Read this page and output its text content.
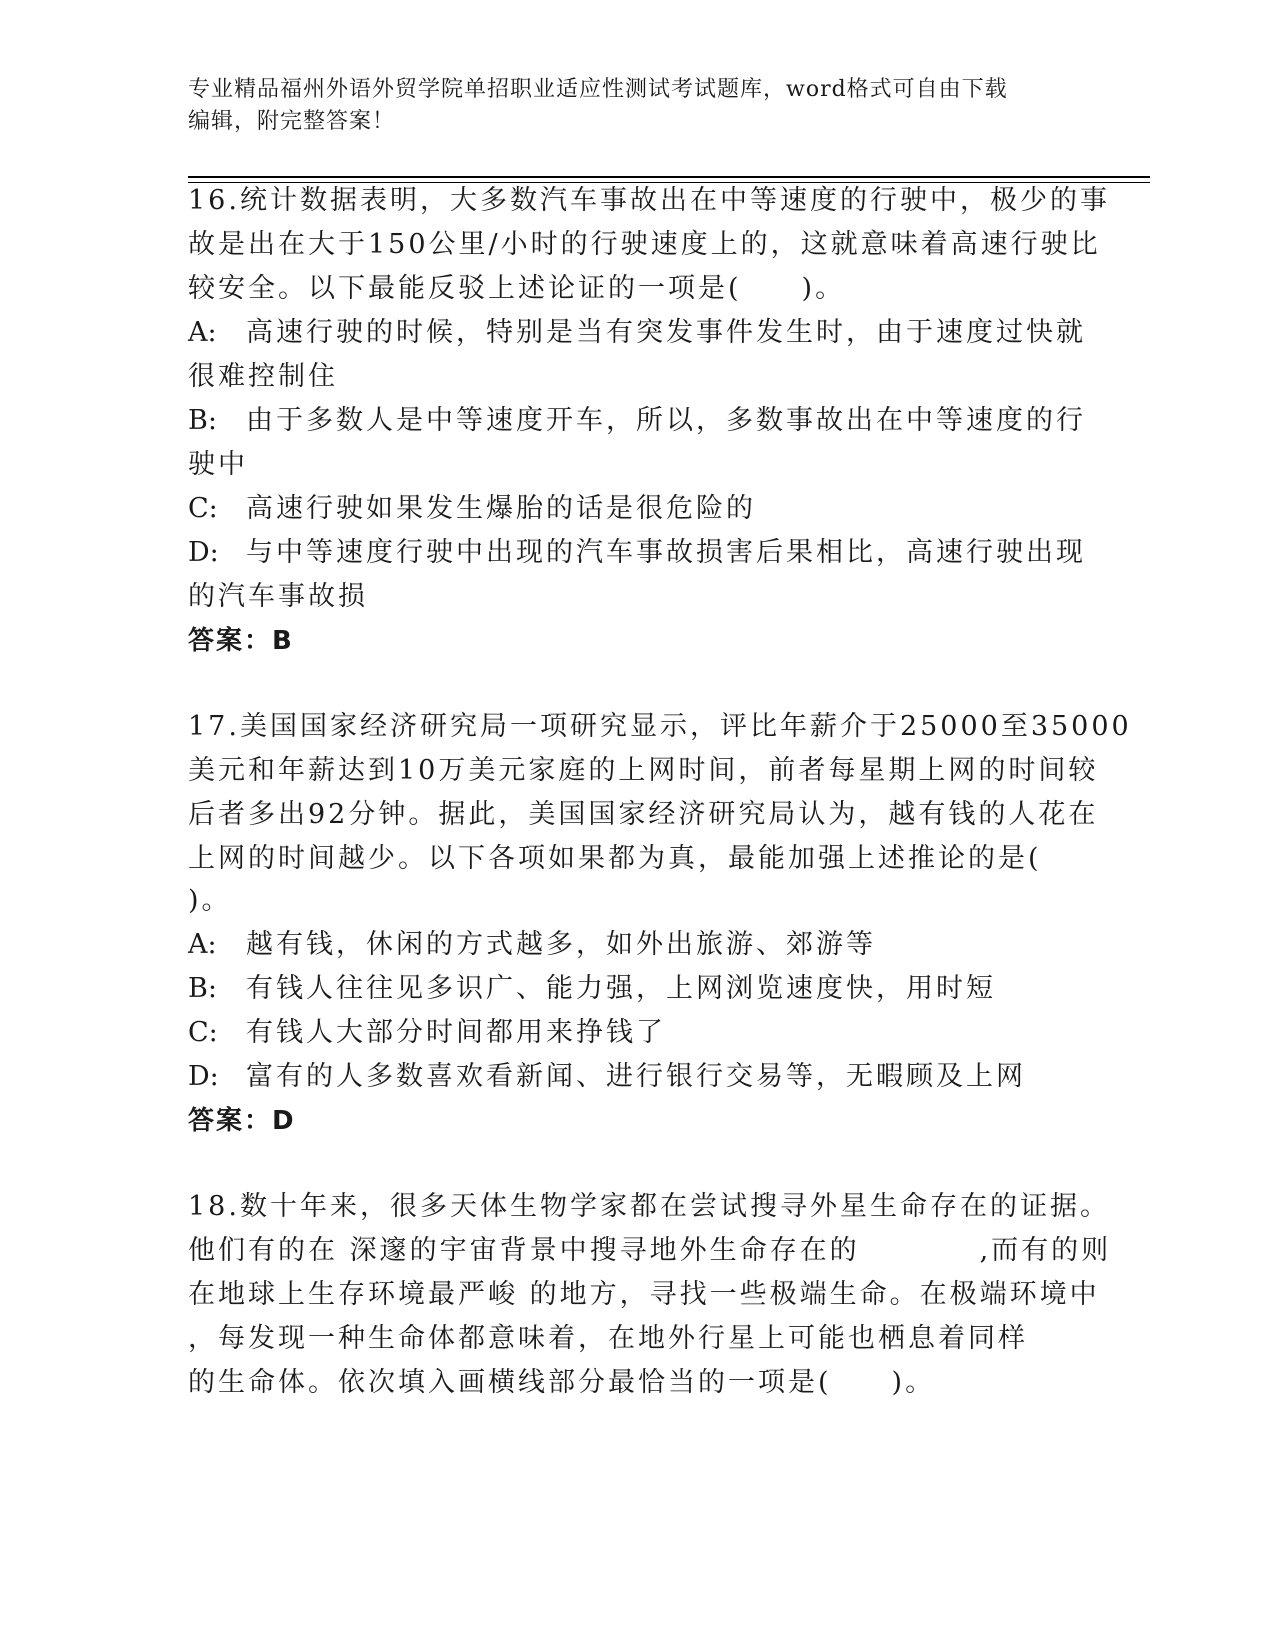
专业精品福州外语外贸学院单招职业适应性测试考试题库，word格式可自由下载
编辑，附完整答案！
16.统计数据表明，大多数汽车事故出在中等速度的行驶中，极少的事
故是出在大于150公里/小时的行驶速度上的，这就意味着高速行驶比
较安全。以下最能反驳上述论证的一项是(　　)。
A: 高速行驶的时候，特别是当有突发事件发生时，由于速度过快就
很难控制住
B: 由于多数人是中等速度开车，所以，多数事故出在中等速度的行
驶中
C: 高速行驶如果发生爆胎的话是很危险的
D: 与中等速度行驶中出现的汽车事故损害后果相比，高速行驶出现
的汽车事故损
答案：B
17.美国国家经济研究局一项研究显示，评比年薪介于25000至35000
美元和年薪达到10万美元家庭的上网时间，前者每星期上网的时间较
后者多出92分钟。据此，美国国家经济研究局认为，越有钱的人花在
上网的时间越少。以下各项如果都为真，最能加强上述推论的是(
)。
A: 越有钱，休闲的方式越多，如外出旅游、郊游等
B: 有钱人往往见多识广、能力强，上网浏览速度快，用时短
C: 有钱人大部分时间都用来挣钱了
D: 富有的人多数喜欢看新闻、进行银行交易等，无暇顾及上网
答案：D
18.数十年来，很多天体生物学家都在尝试搜寻外星生命存在的证据。
他们有的在 深邃的宇宙背景中搜寻地外生命存在的　　　　,而有的则
在地球上生存环境最严峻 的地方，寻找一些极端生命。在极端环境中
，每发现一种生命体都意味着，在地外行星上可能也栖息着同样
的生命体。依次填入画横线部分最恰当的一项是(　　)。
